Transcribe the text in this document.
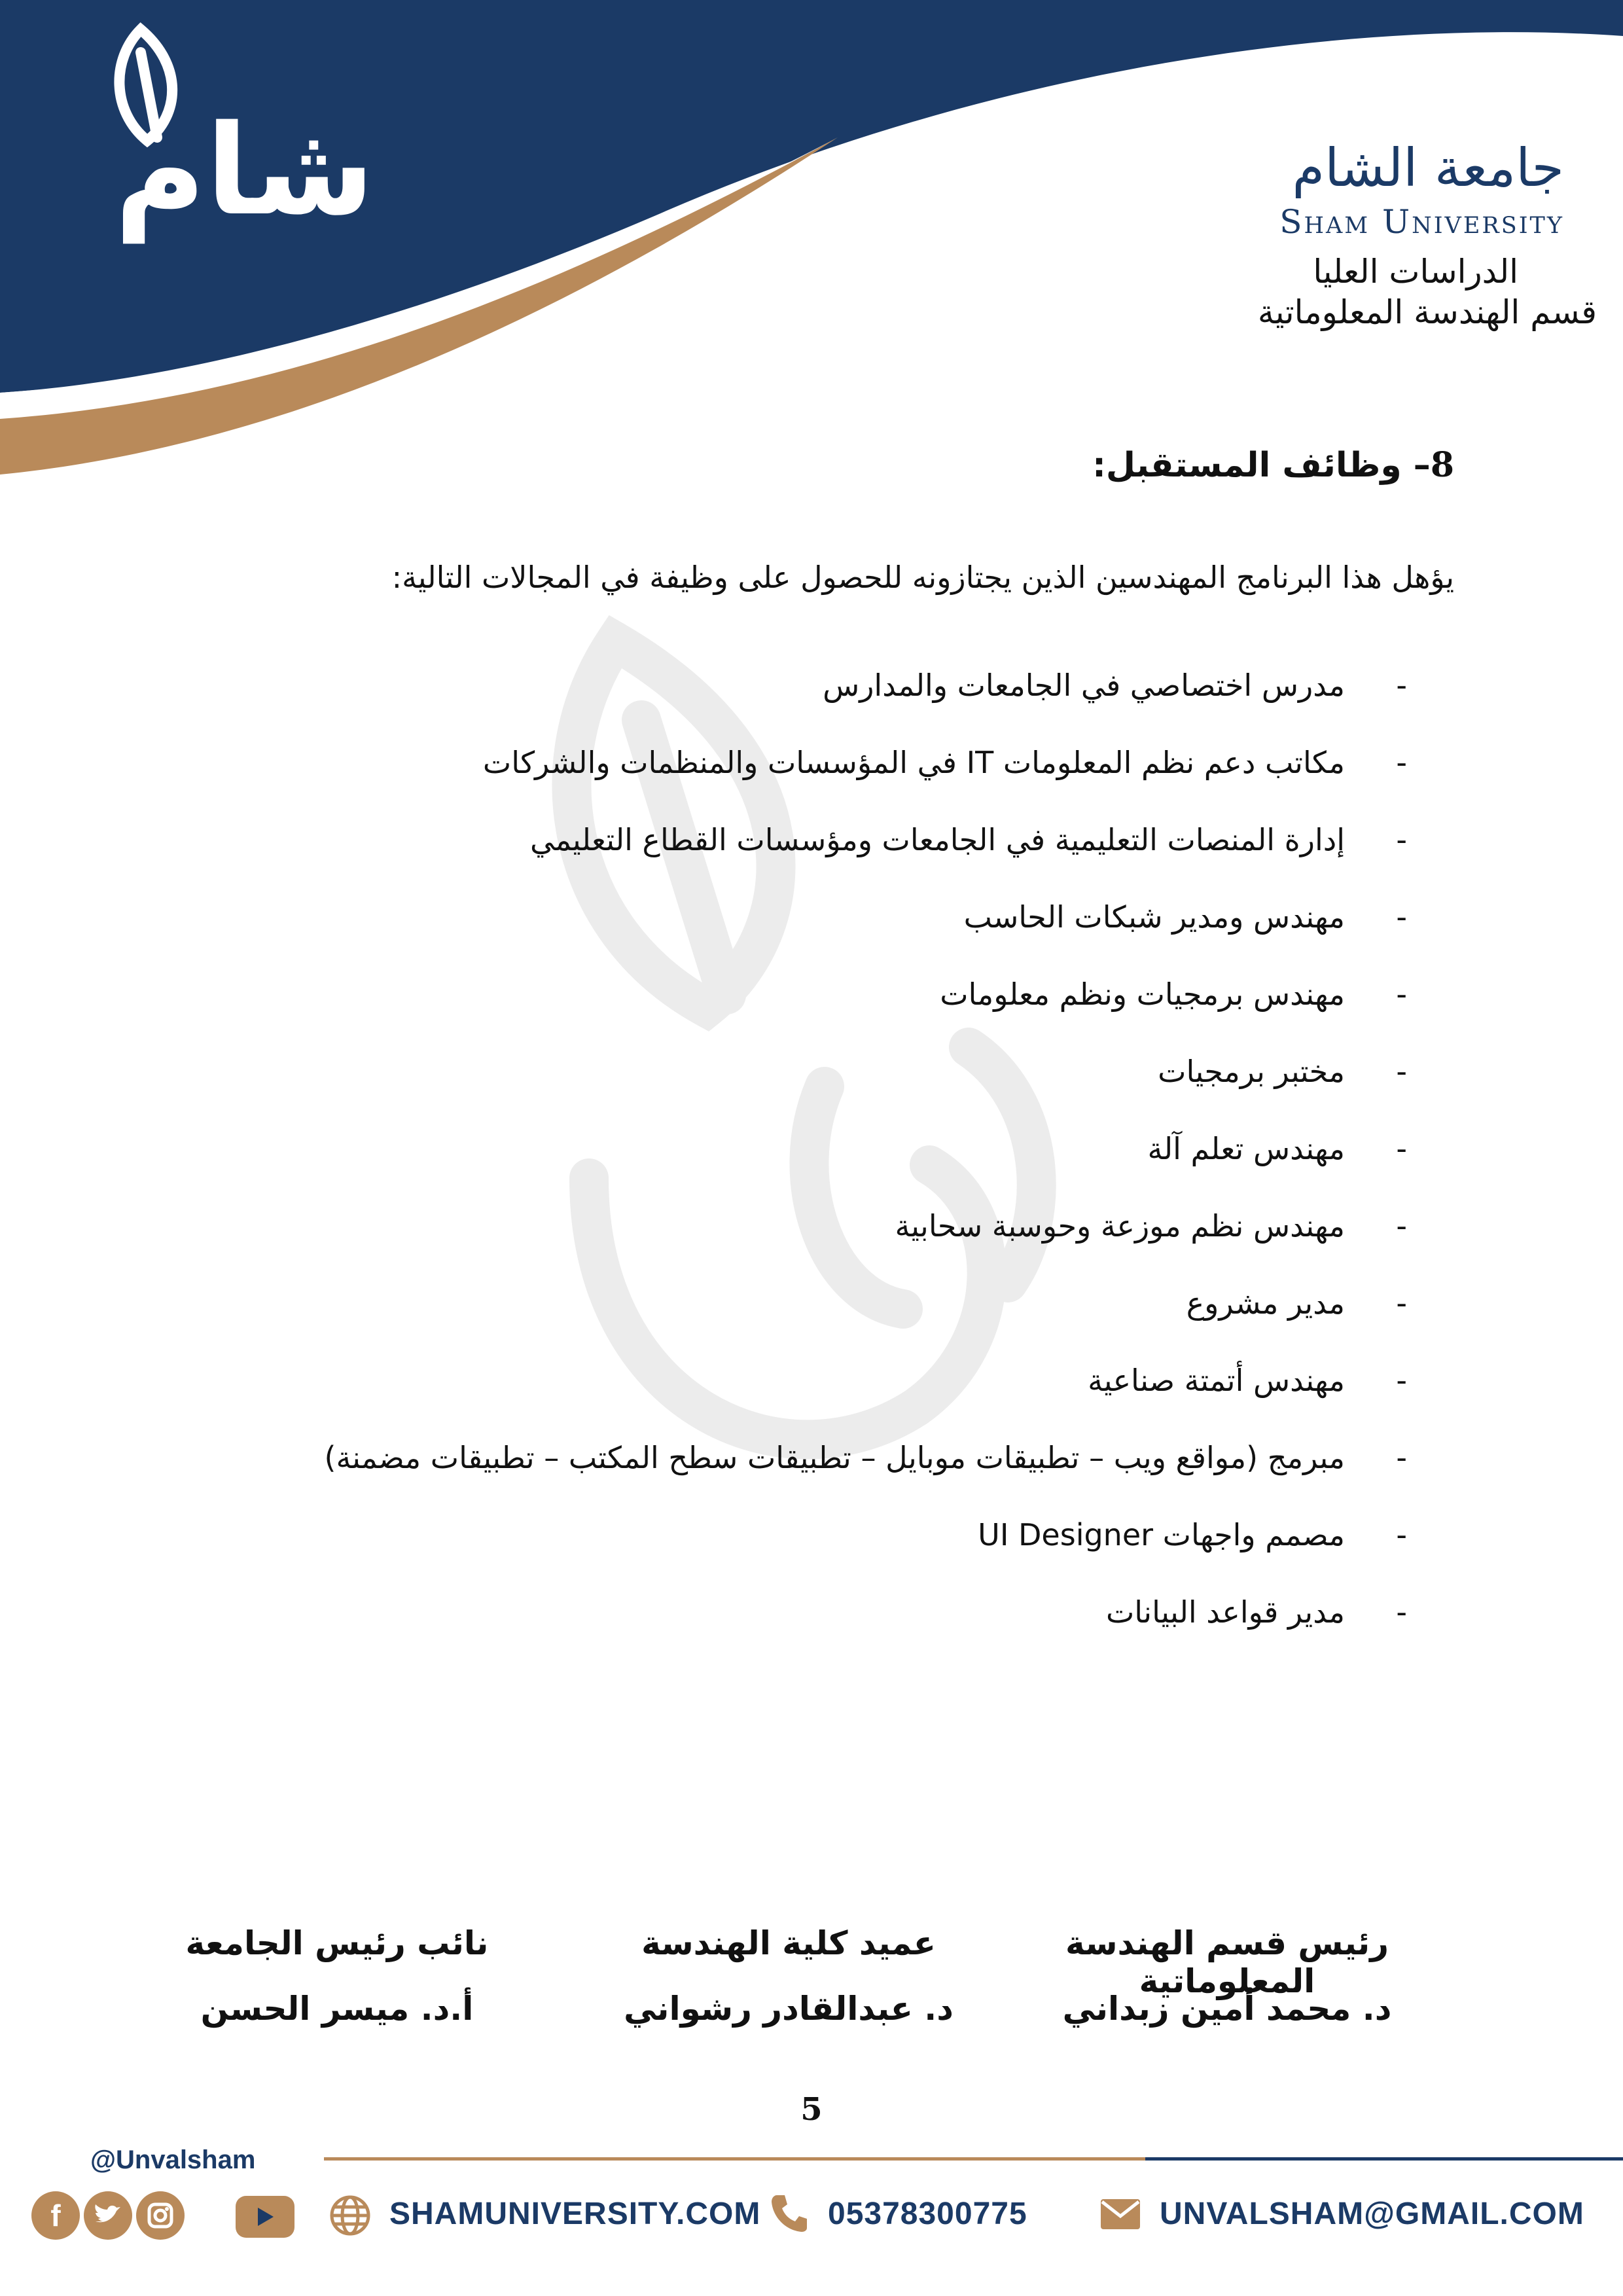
شام	جامعة الشام
Sham University
الدراسات العليا
قسم الهندسة المعلوماتية
8– وظائف المستقبل:
يؤهل هذا البرنامج المهندسين الذين يجتازونه للحصول على وظيفة في المجالات التالية:
-
مدرس اختصاصي في الجامعات والمدارس
-
مكاتب دعم نظم المعلومات IT في المؤسسات والمنظمات والشركات
-
إدارة المنصات التعليمية في الجامعات ومؤسسات القطاع التعليمي
-
مهندس ومدير شبكات الحاسب
-
مهندس برمجيات ونظم معلومات
-
مختبر برمجيات
-
مهندس تعلم آلة
-
مهندس نظم موزعة وحوسبة سحابية
-
مدير مشروع
-
مهندس أتمتة صناعية
-
مبرمج (مواقع ويب – تطبيقات موبايل – تطبيقات سطح المكتب – تطبيقات مضمنة)
-
مصمم واجهات UI Designer
-
مدير قواعد البيانات
رئيس قسم الهندسة المعلوماتية
د. محمد أمين زبداني
عميد كلية الهندسة
د. عبدالقادر رشواني
نائب رئيس الجامعة
أ.د. ميسر الحسن
5
@Unvalsham
f	SHAMUNIVERSITY.COM 05378300775	UNVALSHAM@GMAIL.COM
